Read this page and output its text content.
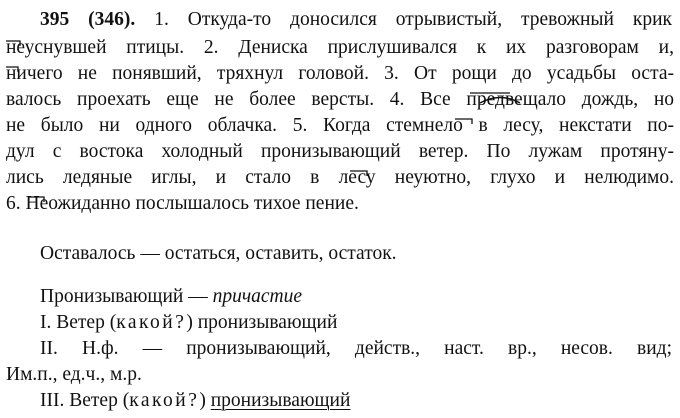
395 (346). 1. Откуда-то доносился отрывистый, тревожный крик
неуснувшей птицы. 2. Дениска прислушивался к их разговорам и,
ничего не понявший, тряхнул головой. 3. От рощи до усадьбы оста-
валось проехать еще не более версты. 4. Все предвещало дождь, но
не было ни одного облачка. 5. Когда стемнело в лесу, некстати по-
дул с востока холодный пронизывающий ветер. По лужам протяну-
лись ледяные иглы, и стало в лесу неуютно, глухо и нелюдимо.
6. Неожиданно послышалось тихое пение.
Оставалось — остаться, оставить, остаток.
Пронизывающий — причастие
I. Ветер (какой?) пронизывающий
II. Н.ф. — пронизывающий, действ., наст. вр., несов. вид;
Им.п., ед.ч., м.р.
III. Ветер (какой?) пронизывающий
